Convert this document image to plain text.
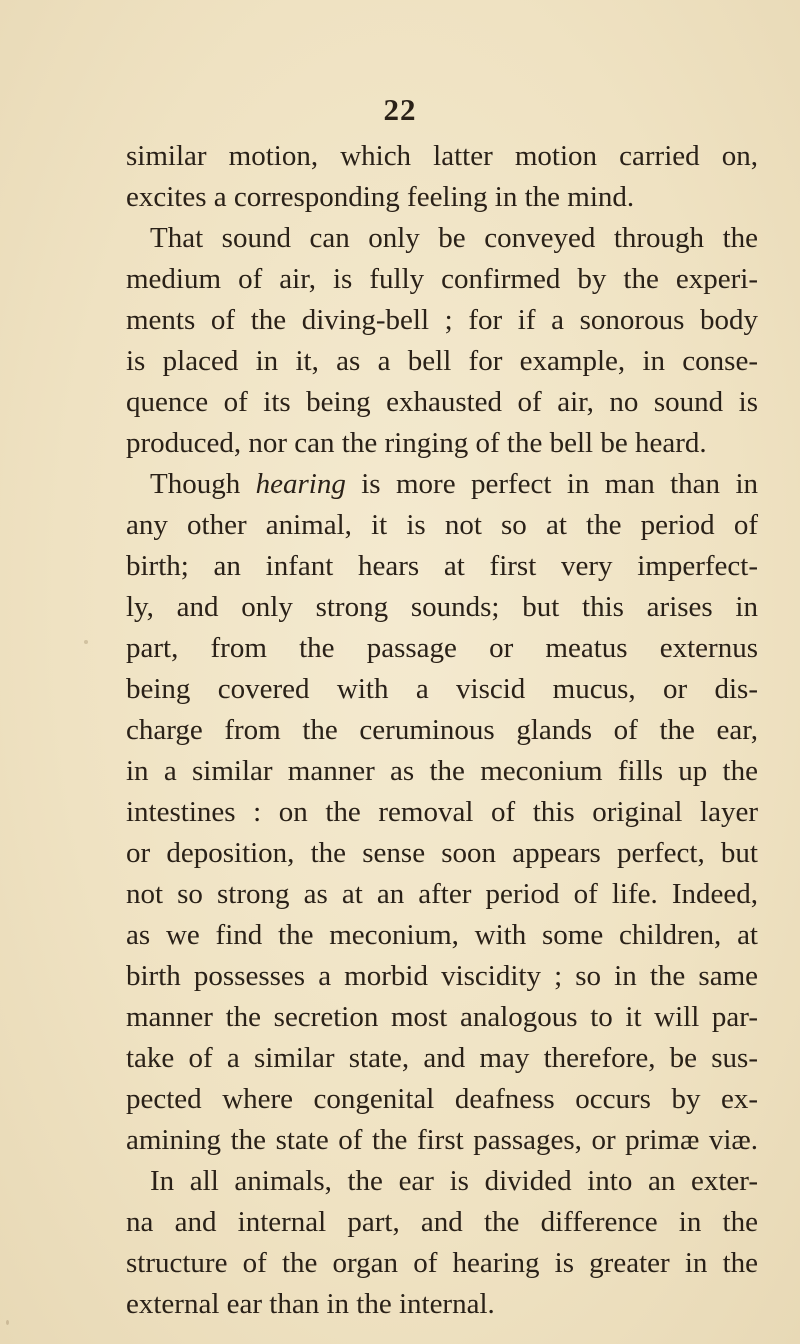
22
similar motion, which latter motion carried on,
excites a corresponding feeling in the mind.
That sound can only be conveyed through the
medium of air, is fully confirmed by the experi-
ments of the diving-bell ; for if a sonorous body
is placed in it, as a bell for example, in conse-
quence of its being exhausted of air, no sound is
produced, nor can the ringing of the bell be heard.
Though hearing is more perfect in man than in
any other animal, it is not so at the period of
birth; an infant hears at first very imperfect-
ly, and only strong sounds; but this arises in
part, from the passage or meatus externus
being covered with a viscid mucus, or dis-
charge from the ceruminous glands of the ear,
in a similar manner as the meconium fills up the
intestines : on the removal of this original layer
or deposition, the sense soon appears perfect, but
not so strong as at an after period of life. Indeed,
as we find the meconium, with some children, at
birth possesses a morbid viscidity ; so in the same
manner the secretion most analogous to it will par-
take of a similar state, and may therefore, be sus-
pected where congenital deafness occurs by ex-
amining the state of the first passages, or primæ viæ.
In all animals, the ear is divided into an exter-
na and internal part, and the difference in the
structure of the organ of hearing is greater in the
external ear than in the internal.
